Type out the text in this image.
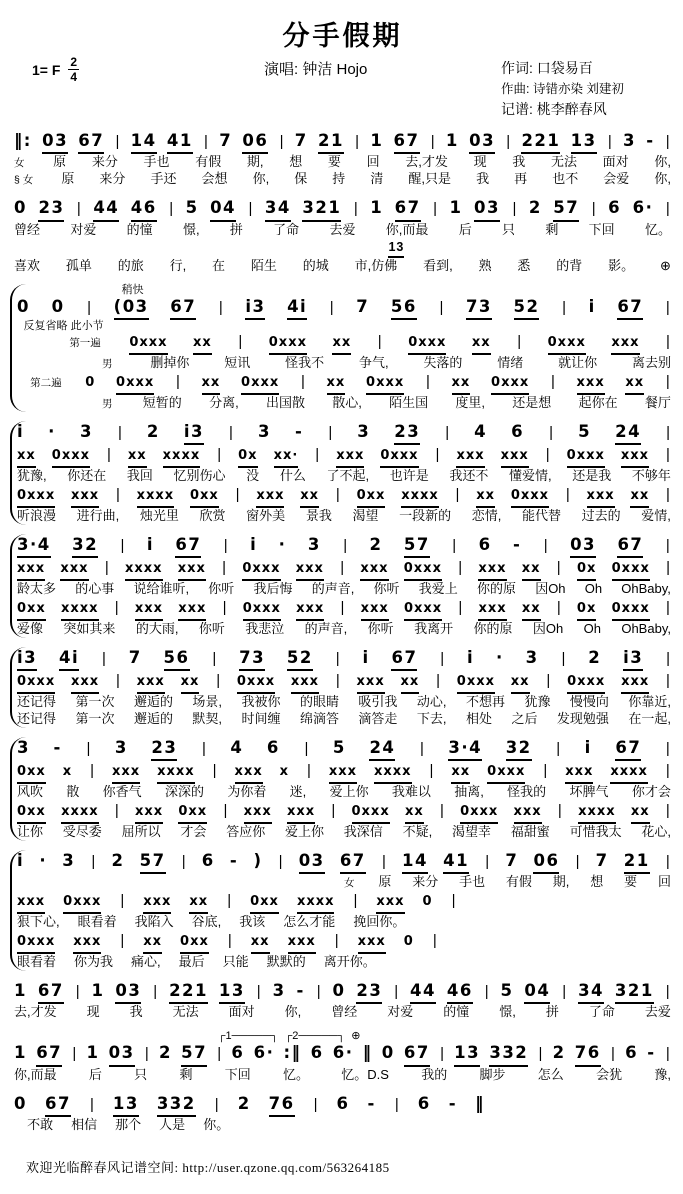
分手假期
1= F $\frac{2}{4}$	演唱: 钟洁 Hojo	作词: 口袋易百
作曲: 诗错亦染 刘建初
记谱: 桃李醉春风
‖: 03 67 | 14 41 | 7 06 | 7 21 | 1 67 | 1 03 | 221 13 | 3 - |
女 原 来分 手也 有假 期, 想 要 回 去,才发 现 我 无法 面对 你,
§ 女 原 来分 手还 会想 你, 保 持 清 醒,只是 我 再 也不 会爱 你,
0 23 | 44 46 | 5 04 | 34 321 | 1 67 | 1 03 | 2 57 | 6 6· |
曾经 对爱 的憧 憬, 拼 了命 去爱 你,而最 后 只 剩 下回 忆。
13
喜欢 孤单 的旅 行, 在 陌生 的城 市,仿佛 看到, 熟 悉 的背 影。 ⊕
稍快
0 0 | (03 67 | i3 4i | 7 56 | 73 52 | i 67 |
反复省略 此小节
第一遍 0xxx xx | 0xxx xx | 0xxx xx | 0xxx xxx |
男	删掉你	短讯	怪我不	争气,	失落的	情绪	就让你	离去别
第二遍 0 0xxx | xx 0xxx | xx 0xxx | xx 0xxx | xxx xx |
男 短暂的 分离, 出国散 散心, 陌生国 度里, 还是想 起你在 餐厅
i · 3 | 2 i3 | 3 - | 3 23 | 4 6 | 5 24 |
xx 0xxx | xx xxxx | 0x xx· | xxx 0xxx | xxx xxx | 0xxx xxx |
犹豫, 你还在 我回 忆别伤心 没 什么 了不起, 也许是 我还不 懂爱情, 还是我 不够年
0xxx xxx | xxxx 0xx | xxx xx | 0xx xxxx | xx 0xxx | xxx xx |
听浪漫 进行曲, 烛光里 欣赏 窗外美 景我 渴望 一段新的 恋情, 能代替 过去的 爱情,
3·4 32 | i 67 | i · 3 | 2 57 | 6 - | 03 67 |
xxx xxx | xxxx xxx | 0xxx xxx | xxx 0xxx | xxx xx | 0x 0xxx |
龄太多 的心事 说给谁听, 你听 我后悔 的声音, 你听 我爱上 你的原 因Oh Oh OhBaby,
0xx xxxx | xxx xxx | 0xxx xxx | xxx 0xxx | xxx xx | 0x 0xxx |
爱像 突如其来 的大雨, 你听 我悲泣 的声音, 你听 我离开 你的原 因Oh Oh OhBaby,
i3 4i | 7 56 | 73 52 | i 67 | i · 3 | 2 i3 |
0xxx xxx | xxx xx | 0xxx xxx | xxx xx | 0xxx xx | 0xxx xxx |
还记得 第一次 邂逅的 场景, 我被你 的眼睛 吸引我 动心, 不想再 犹豫 慢慢向 你靠近,
还记得 第一次 邂逅的 默契, 时间缠 绵滴答 滴答走 下去, 相处 之后 发现勉强 在一起,
3 - | 3 23 | 4 6 | 5 24 | 3·4 32 | i 67 |
0xx x | xxx xxxx | xxx x | xxx xxxx | xx 0xxx | xxx xxxx |
风吹 散 你香气 深深的 为你着 迷, 爱上你 我难以 抽离, 怪我的 坏脾气 你才会
0xx xxxx | xxx 0xx | xxx xxx | 0xxx xx | 0xxx xxx | xxxx xx |
让你 受尽委 屈所以 才会 答应你 爱上你 我深信 不疑, 渴望幸 福甜蜜 可惜我太 花心,
i · 3 | 2 57 | 6 - ) | 03 67 | 14 41 | 7 06 | 7 21 |
女 原 来分 手也 有假 期, 想 要 回
xxx 0xxx | xxx xx | 0xx xxxx | xxx 0 |
狠下心, 眼看着 我陷入 谷底, 我该 怎么才能 挽回你。
0xxx xxx | xx 0xx | xx xxx | xxx 0 |
眼看着 你为我 痛心, 最后 只能 默默的 离开你。
1 67 | 1 03 | 221 13 | 3 - | 0 23 | 44 46 | 5 04 | 34 321 |
去,才发 现 我 无法 面对 你, 曾经 对爱 的憧 憬, 拼 了命 去爱
┌1─────┐  ┌2─────┐  ⊕
1 67 | 1 03 | 2 57 | 6 6· :‖ 6 6· ‖ 0 67 | 13 332 | 2 76 | 6 - |
你,而最 后 只 剩 下回 忆。 忆。D.S 我的 脚步 怎么 会犹 豫,
0 67 | 13 332 | 2 76 | 6 - | 6 - ‖
不敢 相信 那个 人是 你。
欢迎光临醉春风记谱空间: http://user.qzone.qq.com/563264185
